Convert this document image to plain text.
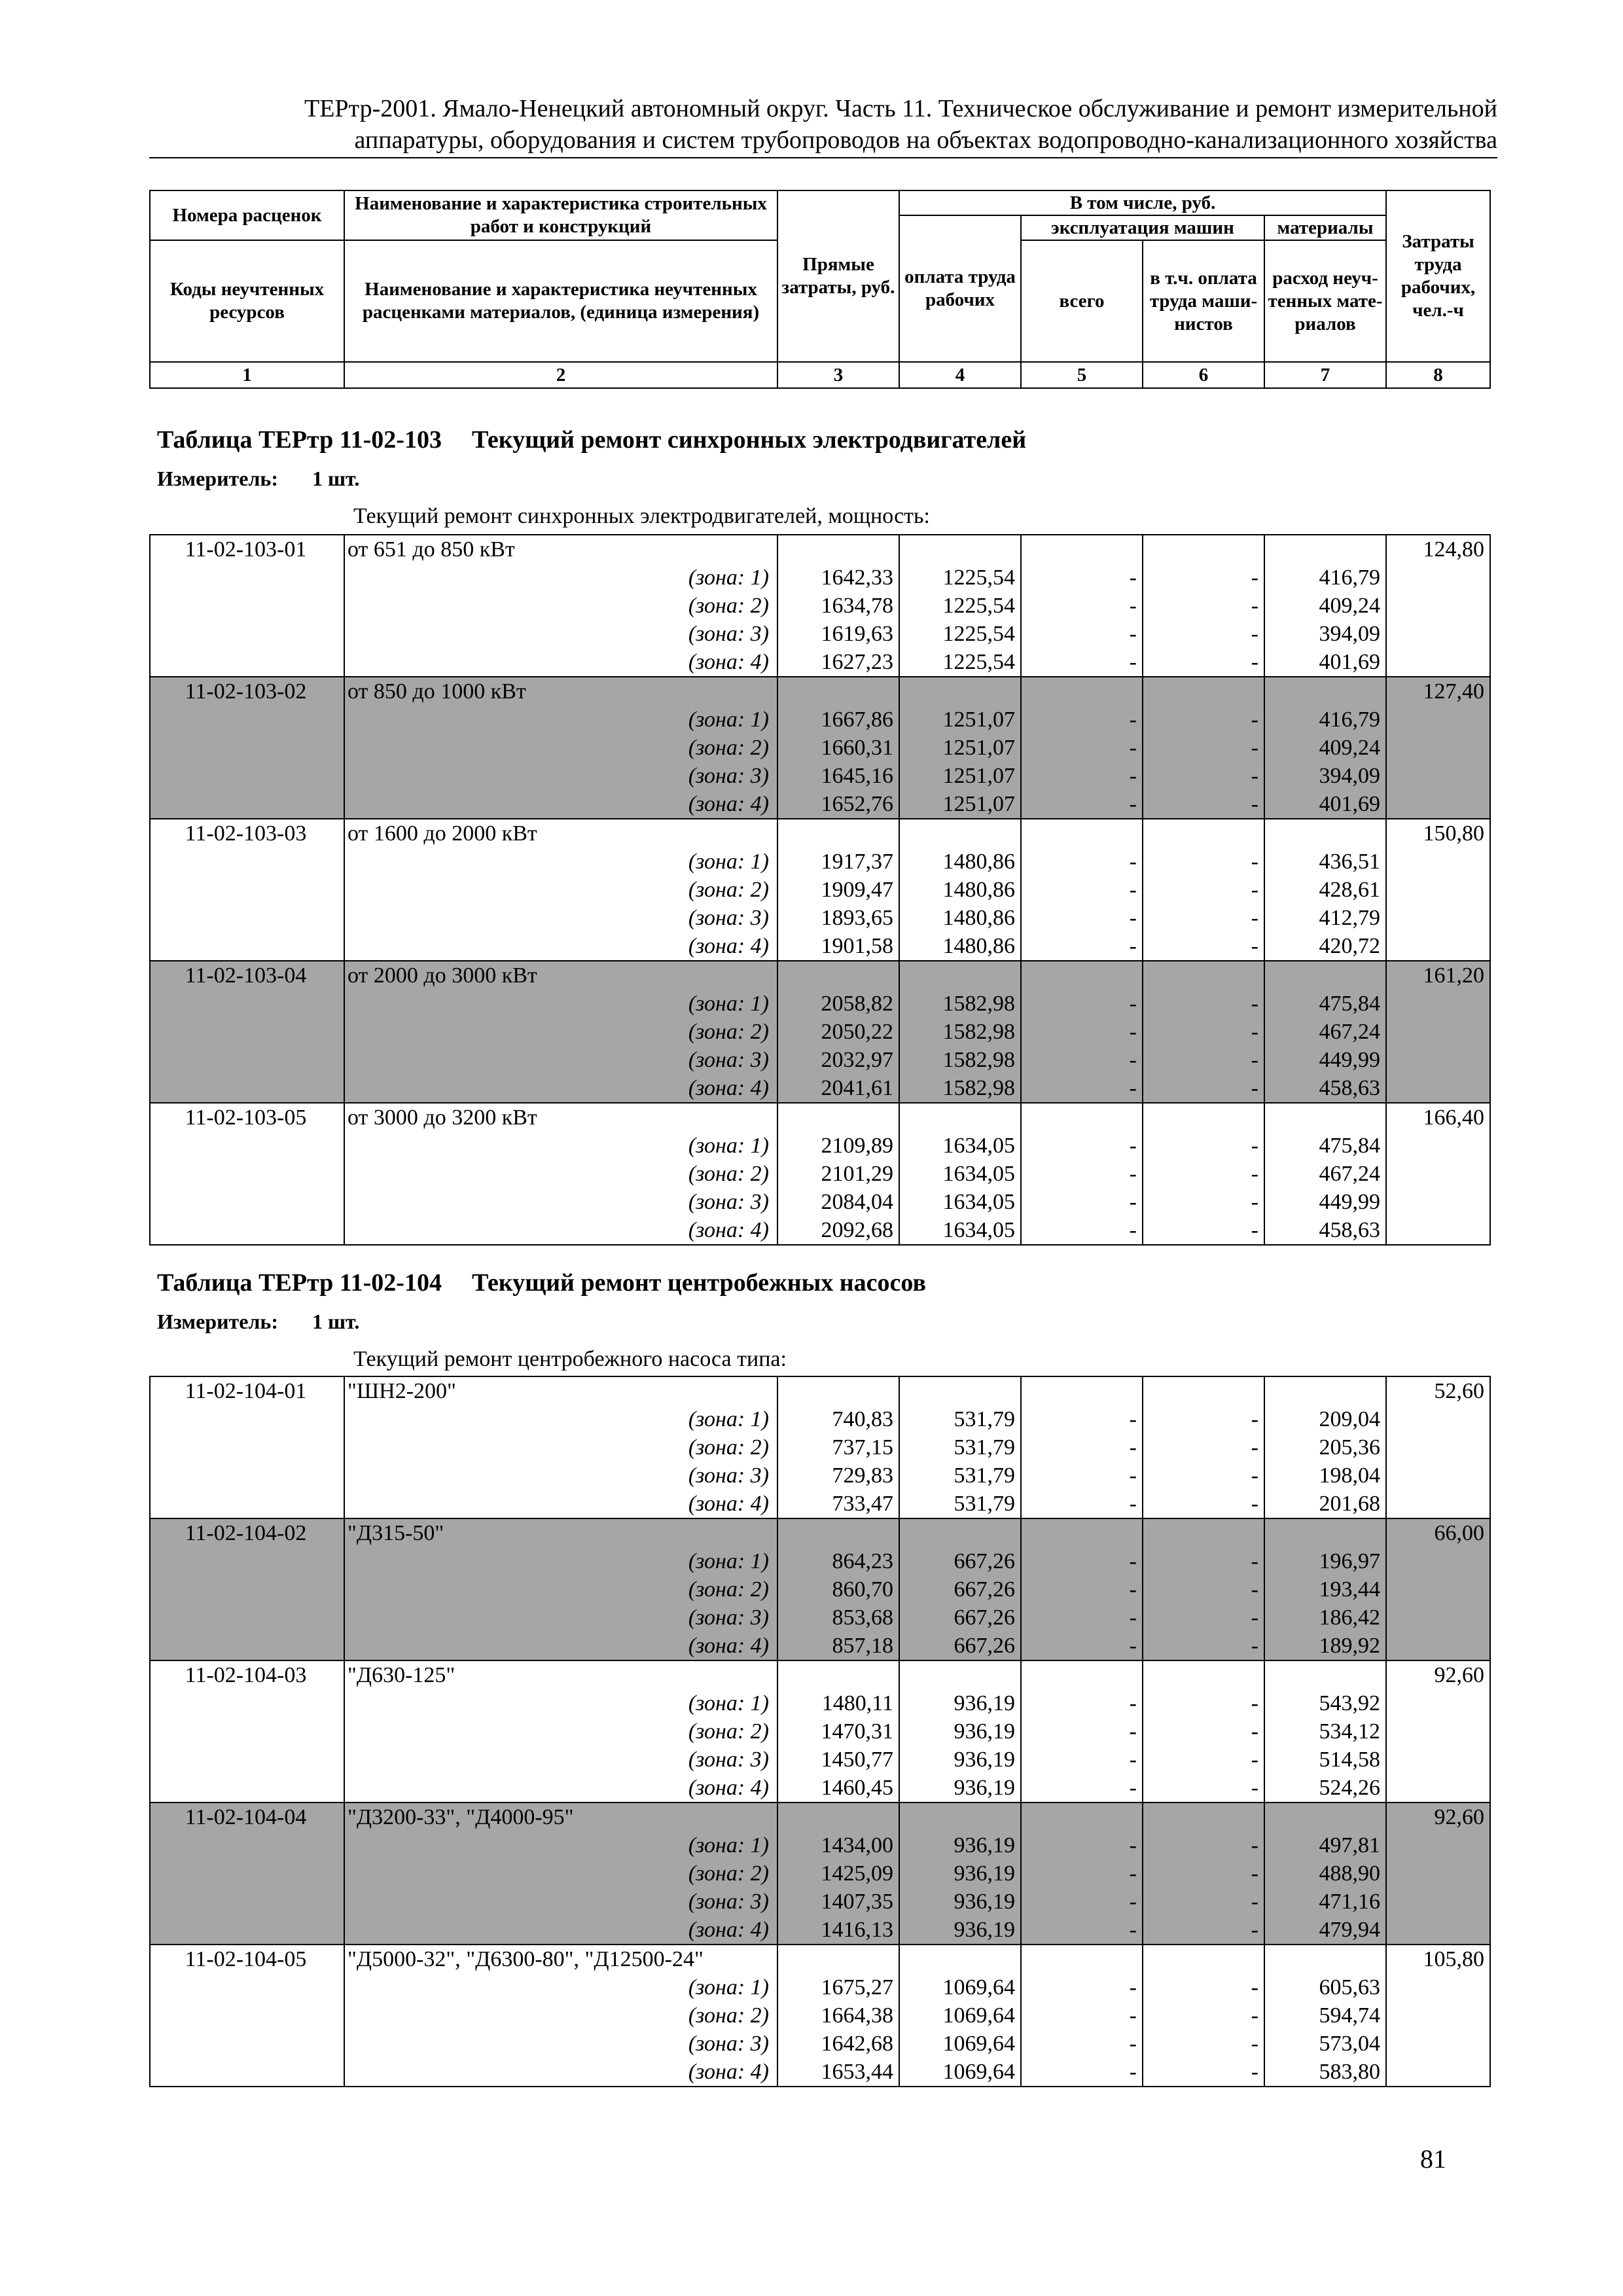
ТЕРтр-2001. Ямало-Ненецкий автономный округ. Часть 11. Техническое обслуживание и ремонт измерительной
аппаратуры, оборудования и систем трубопроводов на объектах водопроводно-канализационного хозяйства
Номера расценок	Наименование и характеристика строительных работ и конструкций	Прямые затраты, руб.	В том числе, руб.				Затраты труда рабочих, чел.-ч
			оплата труда рабочих	эксплуатация машин		материалы	
Коды неучтенных ресурсов	Наименование и характеристика неучтенных расценками материалов, (единица измерения)			всего	в т.ч. оплата труда маши-нистов	расход неуч-тенных мате-риалов	

1	2	3	4	5	6	7	8
Таблица ТЕРтр 11-02-103 Текущий ремонт синхронных электродвигателей
Измеритель: 1 шт.
Текущий ремонт синхронных электродвигателей, мощность:
11-02-103-01	от 651 до 850 кВт						124,80
	(зона: 1)	1642,33	1225,54	-	-	416,79	
	(зона: 2)	1634,78	1225,54	-	-	409,24	
	(зона: 3)	1619,63	1225,54	-	-	394,09	
	(зона: 4)	1627,23	1225,54	-	-	401,69	
11-02-103-02	от 850 до 1000 кВт						127,40
	(зона: 1)	1667,86	1251,07	-	-	416,79	
	(зона: 2)	1660,31	1251,07	-	-	409,24	
	(зона: 3)	1645,16	1251,07	-	-	394,09	
	(зона: 4)	1652,76	1251,07	-	-	401,69	
11-02-103-03	от 1600 до 2000 кВт						150,80
	(зона: 1)	1917,37	1480,86	-	-	436,51	
	(зона: 2)	1909,47	1480,86	-	-	428,61	
	(зона: 3)	1893,65	1480,86	-	-	412,79	
	(зона: 4)	1901,58	1480,86	-	-	420,72	
11-02-103-04	от 2000 до 3000 кВт						161,20
	(зона: 1)	2058,82	1582,98	-	-	475,84	
	(зона: 2)	2050,22	1582,98	-	-	467,24	
	(зона: 3)	2032,97	1582,98	-	-	449,99	
	(зона: 4)	2041,61	1582,98	-	-	458,63	
11-02-103-05	от 3000 до 3200 кВт						166,40
	(зона: 1)	2109,89	1634,05	-	-	475,84	
	(зона: 2)	2101,29	1634,05	-	-	467,24	
	(зона: 3)	2084,04	1634,05	-	-	449,99	
	(зона: 4)	2092,68	1634,05	-	-	458,63	
Таблица ТЕРтр 11-02-104 Текущий ремонт центробежных насосов
Измеритель: 1 шт.
Текущий ремонт центробежного насоса типа:
11-02-104-01	"ШН2-200"						52,60
	(зона: 1)	740,83	531,79	-	-	209,04	
	(зона: 2)	737,15	531,79	-	-	205,36	
	(зона: 3)	729,83	531,79	-	-	198,04	
	(зона: 4)	733,47	531,79	-	-	201,68	
11-02-104-02	"Д315-50"						66,00
	(зона: 1)	864,23	667,26	-	-	196,97	
	(зона: 2)	860,70	667,26	-	-	193,44	
	(зона: 3)	853,68	667,26	-	-	186,42	
	(зона: 4)	857,18	667,26	-	-	189,92	
11-02-104-03	"Д630-125"						92,60
	(зона: 1)	1480,11	936,19	-	-	543,92	
	(зона: 2)	1470,31	936,19	-	-	534,12	
	(зона: 3)	1450,77	936,19	-	-	514,58	
	(зона: 4)	1460,45	936,19	-	-	524,26	
11-02-104-04	"Д3200-33", "Д4000-95"						92,60
	(зона: 1)	1434,00	936,19	-	-	497,81	
	(зона: 2)	1425,09	936,19	-	-	488,90	
	(зона: 3)	1407,35	936,19	-	-	471,16	
	(зона: 4)	1416,13	936,19	-	-	479,94	
11-02-104-05	"Д5000-32", "Д6300-80", "Д12500-24"						105,80
	(зона: 1)	1675,27	1069,64	-	-	605,63	
	(зона: 2)	1664,38	1069,64	-	-	594,74	
	(зона: 3)	1642,68	1069,64	-	-	573,04	
	(зона: 4)	1653,44	1069,64	-	-	583,80	
81
